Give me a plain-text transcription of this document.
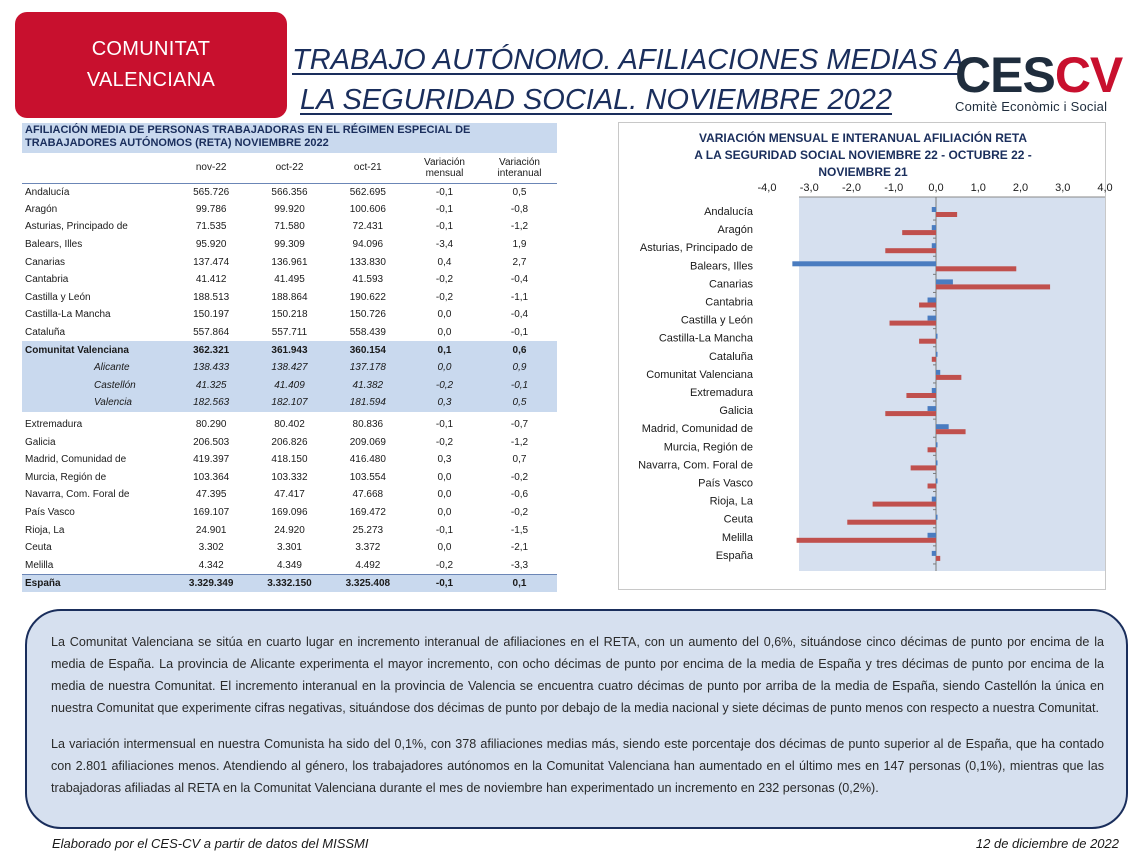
COMUNITAT
VALENCIANA
TRABAJO AUTÓNOMO. AFILIACIONES MEDIAS A
LA SEGURIDAD SOCIAL. NOVIEMBRE 2022	CESCV
Comitè Econòmic i Social
AFILIACIÓN MEDIA DE PERSONAS TRABAJADORAS EN EL RÉGIMEN ESPECIAL DE TRABAJADORES AUTÓNOMOS (RETA) NOVIEMBRE 2022
	nov-22	oct-22	oct-21	Variación mensual	Variación interanual
Andalucía	565.726	566.356	562.695	-0,1	0,5
Aragón	99.786	99.920	100.606	-0,1	-0,8
Asturias, Principado de	71.535	71.580	72.431	-0,1	-1,2
Balears, Illes	95.920	99.309	94.096	-3,4	1,9
Canarias	137.474	136.961	133.830	0,4	2,7
Cantabria	41.412	41.495	41.593	-0,2	-0,4
Castilla y León	188.513	188.864	190.622	-0,2	-1,1
Castilla-La Mancha	150.197	150.218	150.726	0,0	-0,4
Cataluña	557.864	557.711	558.439	0,0	-0,1
Comunitat Valenciana	362.321	361.943	360.154	0,1	0,6
Alicante	138.433	138.427	137.178	0,0	0,9
Castellón	41.325	41.409	41.382	-0,2	-0,1
Valencia	182.563	182.107	181.594	0,3	0,5

Extremadura	80.290	80.402	80.836	-0,1	-0,7
Galicia	206.503	206.826	209.069	-0,2	-1,2
Madrid, Comunidad de	419.397	418.150	416.480	0,3	0,7
Murcia, Región de	103.364	103.332	103.554	0,0	-0,2
Navarra, Com. Foral de	47.395	47.417	47.668	0,0	-0,6
País Vasco	169.107	169.096	169.472	0,0	-0,2
Rioja, La	24.901	24.920	25.273	-0,1	-1,5
Ceuta	3.302	3.301	3.372	0,0	-2,1
Melilla	4.342	4.349	4.492	-0,2	-3,3
España	3.329.349	3.332.150	3.325.408	-0,1	0,1
VARIACIÓN MENSUAL E INTERANUAL AFILIACIÓN RETA
A LA SEGURIDAD SOCIAL NOVIEMBRE 22 - OCTUBRE 22 -
NOVIEMBRE 21
-4,0 -3,0 -2,0 -1,0 0,0 1,0 2,0 3,0 4,0
Andalucía
Aragón
Asturias, Principado de
Balears, Illes
Canarias
Cantabria
Castilla y León
Castilla-La Mancha
Cataluña
Comunitat Valenciana
Extremadura
Galicia
Madrid, Comunidad de
Murcia, Región de
Navarra, Com. Foral de
País Vasco
Rioja, La
Ceuta
Melilla
España

La Comunitat Valenciana se sitúa en cuarto lugar en incremento interanual de afiliaciones en el RETA, con un aumento del 0,6%, situándose cinco décimas de punto por encima de la media de España. La provincia de Alicante experimenta el mayor incremento, con ocho décimas de punto por encima de la media de España y tres décimas de punto por encima de la media de nuestra Comunitat. El incremento interanual en la provincia de Valencia se encuentra cuatro décimas de punto por arriba de la media de España, siendo Castellón la única en nuestra Comunitat que experimente cifras negativas, situándose dos décimas de punto por debajo de la media nacional y siete décimas de punto menos con respecto a nuestra Comunitat.

La variación intermensual en nuestra Comunista ha sido del 0,1%, con 378 afiliaciones medias más, siendo este porcentaje dos décimas de punto superior al de España, que ha contado con 2.801 afiliaciones menos. Atendiendo al género, los trabajadores autónomos en la Comunitat Valenciana han aumentado en el último mes en 147 personas (0,1%), mientras que las trabajadoras afiliadas al RETA en la Comunitat Valenciana durante el mes de noviembre han experimentado un incremento en 232 personas (0,2%).

Elaborado por el CES-CV a partir de datos del MISSMI	12 de diciembre de 2022
